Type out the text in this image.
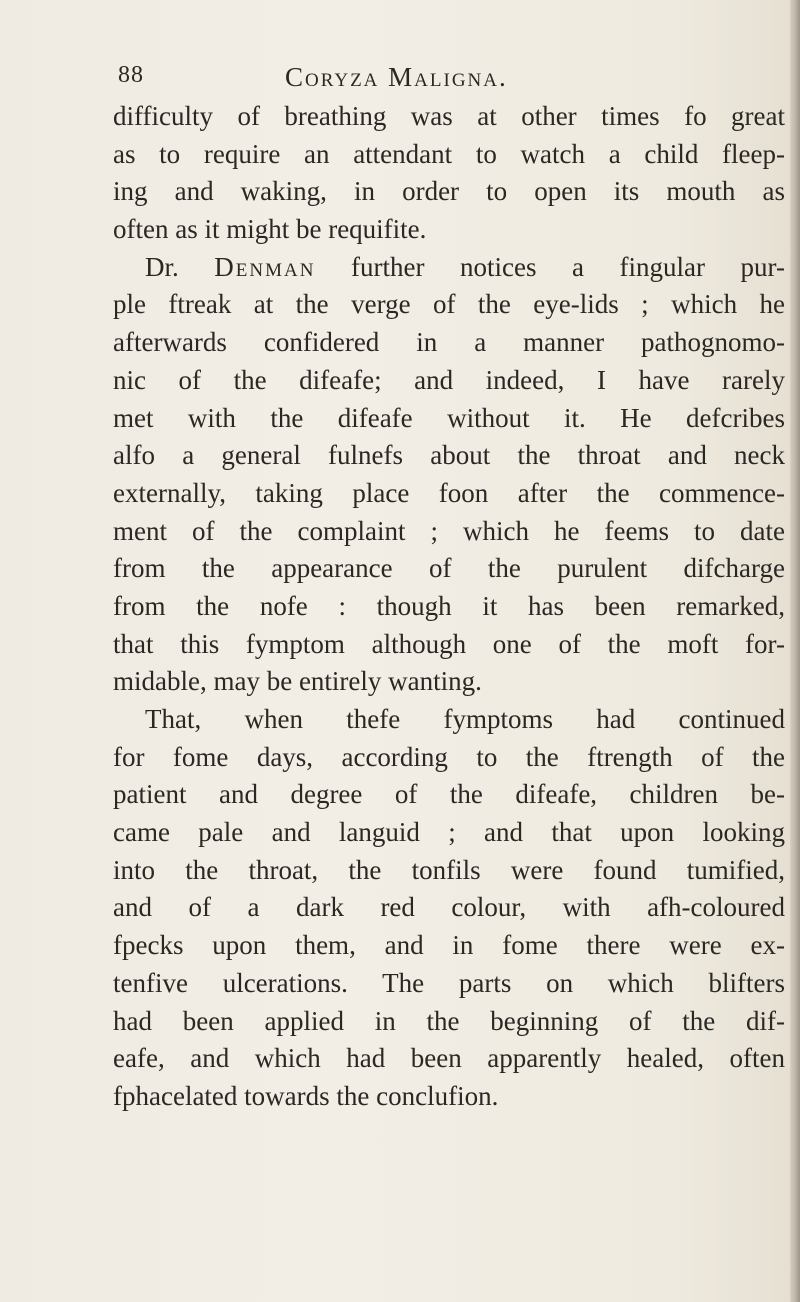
88	Coryza Maligna.
difficulty of breathing was at other times fo great
as to require an attendant to watch a child fleep-
ing and waking, in order to open its mouth as
often as it might be requifite.
Dr. Denman further notices a fingular pur-
ple ftreak at the verge of the eye-lids ; which he
afterwards confidered in a manner pathognomo-
nic of the difeafe; and indeed, I have rarely
met with the difeafe without it. He defcribes
alfo a general fulnefs about the throat and neck
externally, taking place foon after the commence-
ment of the complaint ; which he feems to date
from the appearance of the purulent difcharge
from the nofe : though it has been remarked,
that this fymptom although one of the moft for-
midable, may be entirely wanting.
That, when thefe fymptoms had continued
for fome days, according to the ftrength of the
patient and degree of the difeafe, children be-
came pale and languid ; and that upon looking
into the throat, the tonfils were found tumified,
and of a dark red colour, with afh-coloured
fpecks upon them, and in fome there were ex-
tenfive ulcerations. The parts on which blifters
had been applied in the beginning of the dif-
eafe, and which had been apparently healed, often
fphacelated towards the conclufion.
